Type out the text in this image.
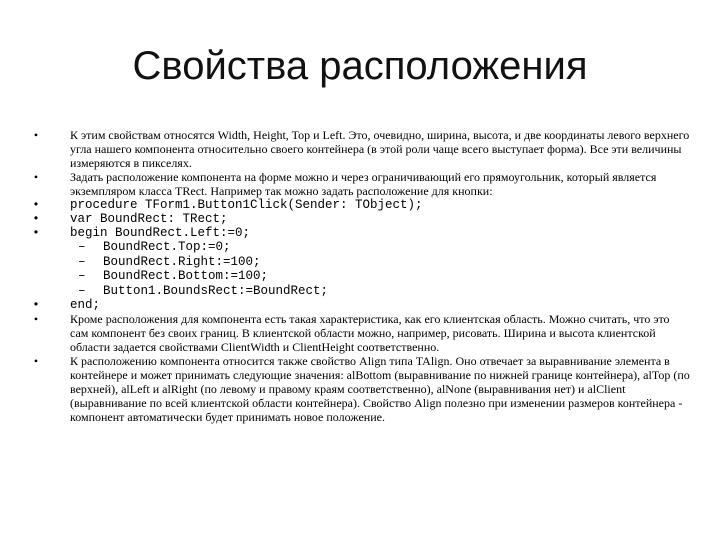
Свойства расположения
•	К этим свойствам относятся Width, Height, Top и Left. Это, очевидно, ширина, высота, и две координаты левого верхнего угла нашего компонента относительно своего контейнера (в этой роли чаще всего выступает форма). Все эти величины измеряются в пикселях.
•	Задать расположение компонента на форме можно и через ограничивающий его прямоугольник, который является экземпляром класса TRect. Например так можно задать расположение для кнопки:
• procedure TForm1.Button1Click(Sender: TObject);
• var BoundRect: TRect;
• begin BoundRect.Left:=0;
– BoundRect.Top:=0;
– BoundRect.Right:=100;
– BoundRect.Bottom:=100;
– Button1.BoundsRect:=BoundRect;
• end;
•	Кроме расположения для компонента есть такая характеристика, как его клиентская область. Можно считать, что это сам компонент без своих границ. В клиентской области можно, например, рисовать. Ширина и высота клиентской области задается свойствами ClientWidth и ClientHeight соответственно.
•	К расположению компонента относится также свойство Align типа TAlign. Оно отвечает за выравнивание элемента в контейнере и может принимать следующие значения: alBottom (выравнивание по нижней границе контейнера), alTop (по верхней), alLeft и alRight (по левому и правому краям соответственно), alNone (выравнивания нет) и alClient (выравнивание по всей клиентской области контейнера). Свойство Align полезно при изменении размеров контейнера - компонент автоматически будет принимать новое положение.
